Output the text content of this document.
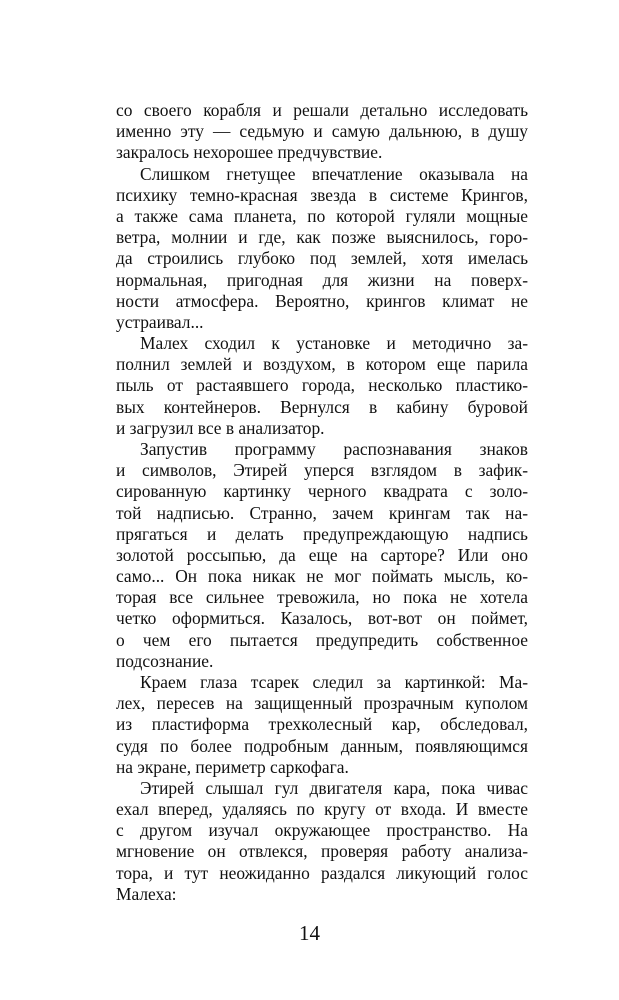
со своего корабля и решали детально исследовать
именно эту — седьмую и самую дальнюю, в душу
закралось нехорошее предчувствие.
Слишком гнетущее впечатление оказывала на
психику темно-красная звезда в системе Крингов,
а также сама планета, по которой гуляли мощные
ветра, молнии и где, как позже выяснилось, горо-
да строились глубоко под землей, хотя имелась
нормальная, пригодная для жизни на поверх-
ности атмосфера. Вероятно, крингов климат не
устраивал...
Малех сходил к установке и методично за-
полнил землей и воздухом, в котором еще парила
пыль от растаявшего города, несколько пластико-
вых контейнеров. Вернулся в кабину буровой
и загрузил все в анализатор.
Запустив программу распознавания знаков
и символов, Этирей уперся взглядом в зафик-
сированную картинку черного квадрата с золо-
той надписью. Странно, зачем крингам так на-
прягаться и делать предупреждающую надпись
золотой россыпью, да еще на сарторе? Или оно
само... Он пока никак не мог поймать мысль, ко-
торая все сильнее тревожила, но пока не хотела
четко оформиться. Казалось, вот-вот он поймет,
о чем его пытается предупредить собственное
подсознание.
Краем глаза тсарек следил за картинкой: Ма-
лех, пересев на защищенный прозрачным куполом
из пластиформа трехколесный кар, обследовал,
судя по более подробным данным, появляющимся
на экране, периметр саркофага.
Этирей слышал гул двигателя кара, пока чивас
ехал вперед, удаляясь по кругу от входа. И вместе
с другом изучал окружающее пространство. На
мгновение он отвлекся, проверяя работу анализа-
тора, и тут неожиданно раздался ликующий голос
Малеха:
14
